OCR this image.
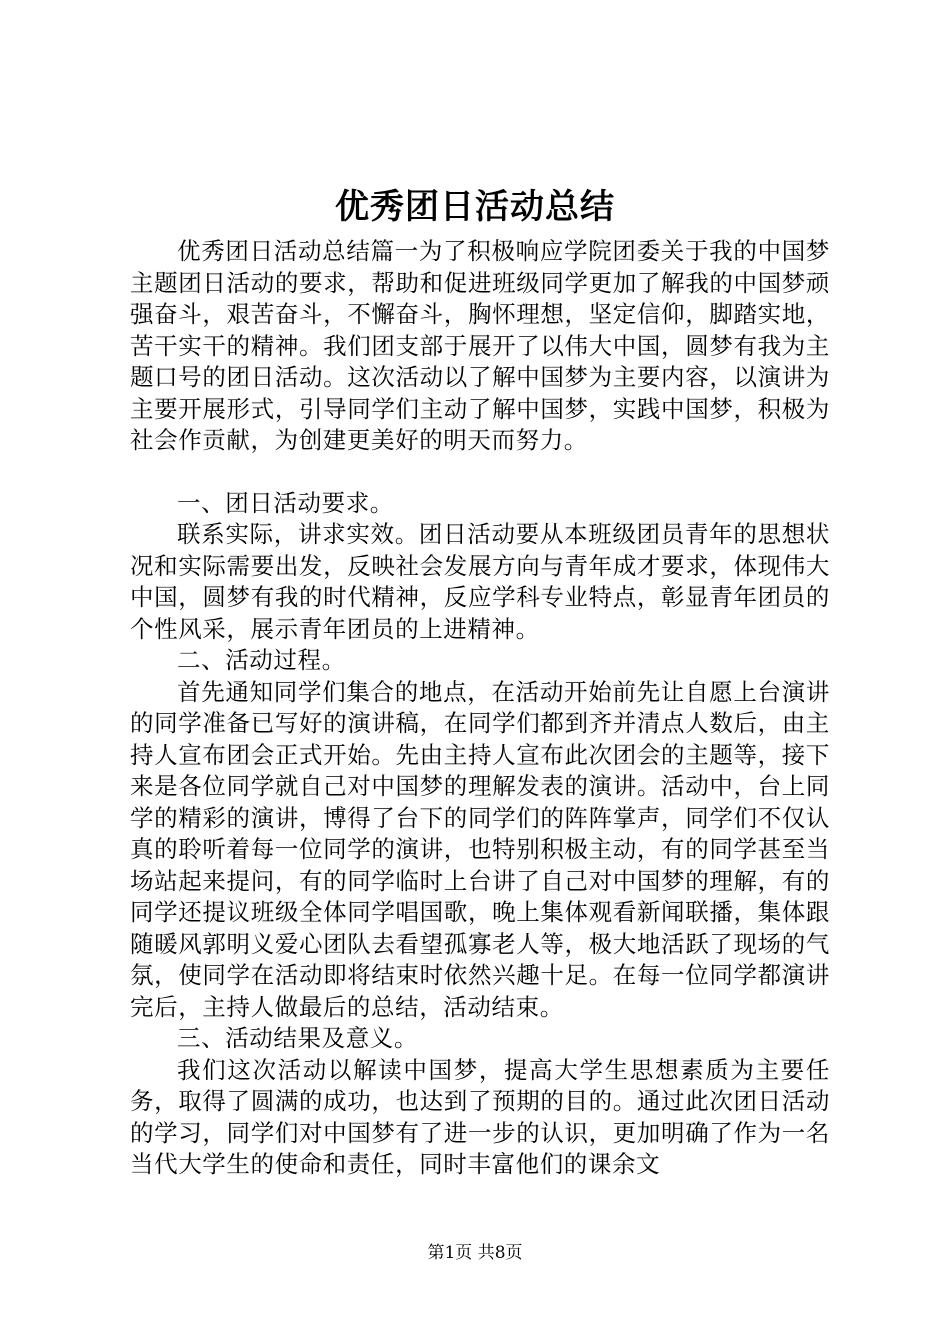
优秀团日活动总结

优秀团日活动总结篇一为了积极响应学院团委关于我的中国梦主题团日活动的要求，帮助和促进班级同学更加了解我的中国梦顽强奋斗，艰苦奋斗，不懈奋斗，胸怀理想，坚定信仰，脚踏实地，苦干实干的精神。我们团支部于展开了以伟大中国，圆梦有我为主题口号的团日活动。这次活动以了解中国梦为主要内容，以演讲为主要开展形式，引导同学们主动了解中国梦，实践中国梦，积极为社会作贡献，为创建更美好的明天而努力。

一、团日活动要求。

联系实际，讲求实效。团日活动要从本班级团员青年的思想状况和实际需要出发，反映社会发展方向与青年成才要求，体现伟大中国，圆梦有我的时代精神，反应学科专业特点，彰显青年团员的个性风采，展示青年团员的上进精神。

二、活动过程。

首先通知同学们集合的地点，在活动开始前先让自愿上台演讲的同学准备已写好的演讲稿，在同学们都到齐并清点人数后，由主持人宣布团会正式开始。先由主持人宣布此次团会的主题等，接下来是各位同学就自己对中国梦的理解发表的演讲。活动中，台上同学的精彩的演讲，博得了台下的同学们的阵阵掌声，同学们不仅认真的聆听着每一位同学的演讲，也特别积极主动，有的同学甚至当场站起来提问，有的同学临时上台讲了自己对中国梦的理解，有的同学还提议班级全体同学唱国歌，晚上集体观看新闻联播，集体跟随暖风郭明义爱心团队去看望孤寡老人等，极大地活跃了现场的气氛，使同学在活动即将结束时依然兴趣十足。在每一位同学都演讲完后，主持人做最后的总结，活动结束。

三、活动结果及意义。

我们这次活动以解读中国梦，提高大学生思想素质为主要任务，取得了圆满的成功，也达到了预期的目的。通过此次团日活动的学习，同学们对中国梦有了进一步的认识，更加明确了作为一名当代大学生的使命和责任，同时丰富他们的课余文

第1页 共8页
